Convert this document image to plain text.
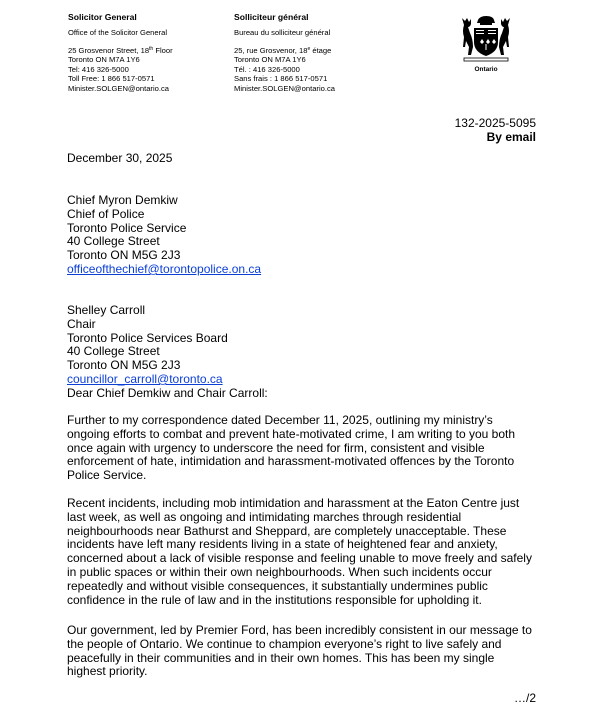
Solicitor General
Office of the Solicitor General
25 Grosvenor Street, 18th Floor
Toronto ON M7A 1Y6
Tel: 416 326-5000
Toll Free: 1 866 517-0571
Minister.SOLGEN@ontario.ca
Solliciteur général
Bureau du solliciteur général
25, rue Grosvenor, 18e étage
Toronto ON M7A 1Y6
Tél. : 416 326-5000
Sans frais : 1 866 517-0571
Minister.SOLGEN@ontario.ca
Ontario
132-2025-5095
By email
December 30, 2025
Chief Myron Demkiw
Chief of Police
Toronto Police Service
40 College Street
Toronto ON M5G 2J3
officeofthechief@torontopolice.on.ca
Shelley Carroll
Chair
Toronto Police Services Board
40 College Street
Toronto ON M5G 2J3
councillor_carroll@toronto.ca
Dear Chief Demkiw and Chair Carroll:
Further to my correspondence dated December 11, 2025, outlining my ministry’s
ongoing efforts to combat and prevent hate-motivated crime, I am writing to you both
once again with urgency to underscore the need for firm, consistent and visible
enforcement of hate, intimidation and harassment-motivated offences by the Toronto
Police Service.
Recent incidents, including mob intimidation and harassment at the Eaton Centre just
last week, as well as ongoing and intimidating marches through residential
neighbourhoods near Bathurst and Sheppard, are completely unacceptable. These
incidents have left many residents living in a state of heightened fear and anxiety,
concerned about a lack of visible response and feeling unable to move freely and safely
in public spaces or within their own neighbourhoods. When such incidents occur
repeatedly and without visible consequences, it substantially undermines public
confidence in the rule of law and in the institutions responsible for upholding it.
Our government, led by Premier Ford, has been incredibly consistent in our message to
the people of Ontario. We continue to champion everyone’s right to live safely and
peacefully in their communities and in their own homes. This has been my single
highest priority.
…/2
